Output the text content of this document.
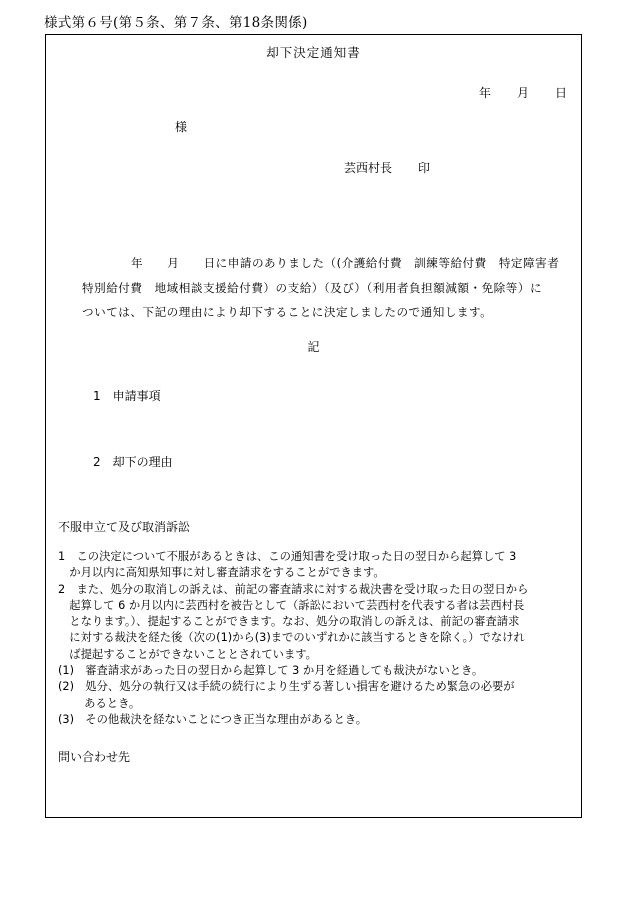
様式第６号(第５条、第７条、第18条関係)
却下決定通知書
年 月 日
様
芸西村長 印
年　　月　　日に申請のありました（(介護給付費　訓練等給付費　特定障害者
特別給付費　地域相談支援給付費）の支給）（及び）（利用者負担額減額・免除等）に
ついては、下記の理由により却下することに決定しましたので通知します。
記
1　申請事項
2　却下の理由
不服申立て及び取消訴訟
1　この決定について不服があるときは、この通知書を受け取った日の翌日から起算して 3
　か月以内に高知県知事に対し審査請求をすることができます。
2　また、処分の取消しの訴えは、前記の審査請求に対する裁決書を受け取った日の翌日から
　起算して 6 か月以内に芸西村を被告として（訴訟において芸西村を代表する者は芸西村長
　となります。）、提起することができます。なお、処分の取消しの訴えは、前記の審査請求
　に対する裁決を経た後（次の(1)から(3)までのいずれかに該当するときを除く。）でなけれ
　ば提起することができないこととされています。
(1)　審査請求があった日の翌日から起算して 3 か月を経過しても裁決がないとき。
(2)　処分、処分の執行又は手続の続行により生ずる著しい損害を避けるため緊急の必要が
　　 あるとき。
(3)　その他裁決を経ないことにつき正当な理由があるとき。
問い合わせ先
